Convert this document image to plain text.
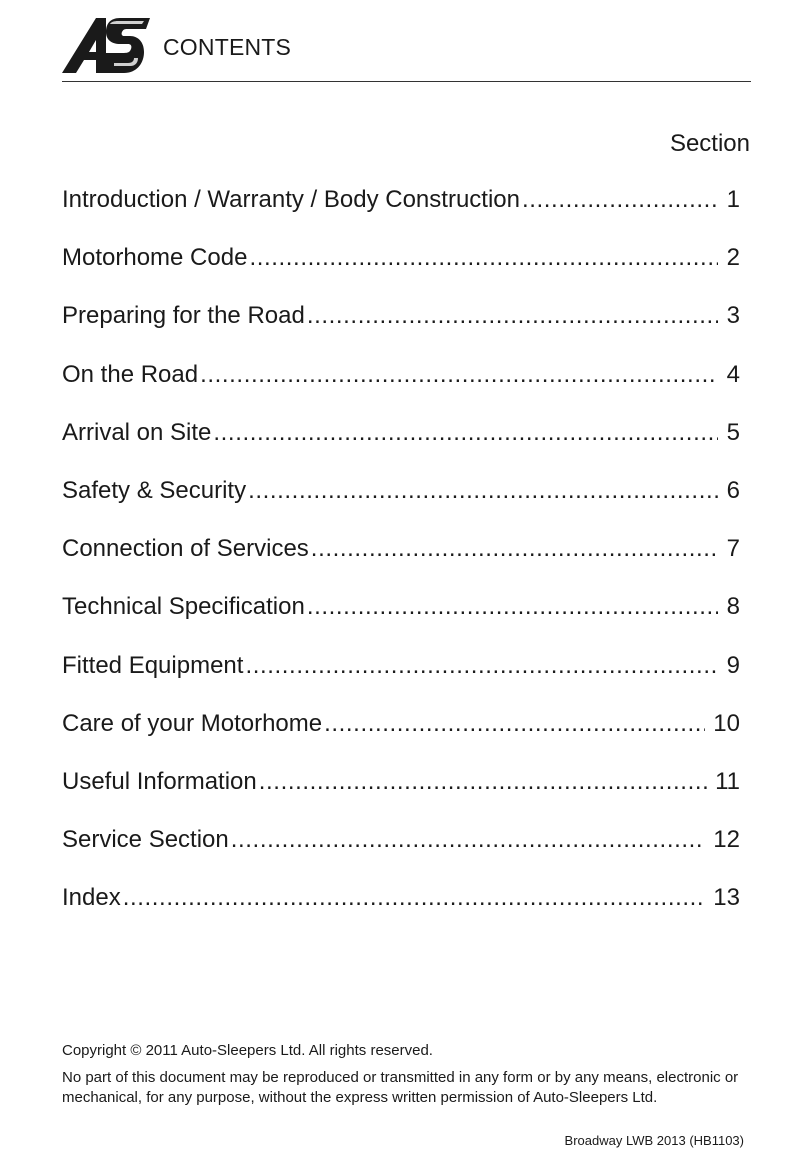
CONTENTS
Section
Introduction / Warranty / Body Construction .....	1
Motorhome Code .....	2
Preparing for the Road .....	3
On the Road .....	4
Arrival on Site .....	5
Safety & Security .....	6
Connection of Services .....	7
Technical Specification .....	8
Fitted Equipment .....	9
Care of your Motorhome .....	10
Useful Information .....	11
Service Section .....	12
Index .....	13
Copyright © 2011 Auto-Sleepers Ltd. All rights reserved.
No part of this document may be reproduced or transmitted in any form or by any means, electronic or mechanical, for any purpose, without the express written permission of Auto-Sleepers Ltd.
Broadway LWB 2013 (HB1103)
